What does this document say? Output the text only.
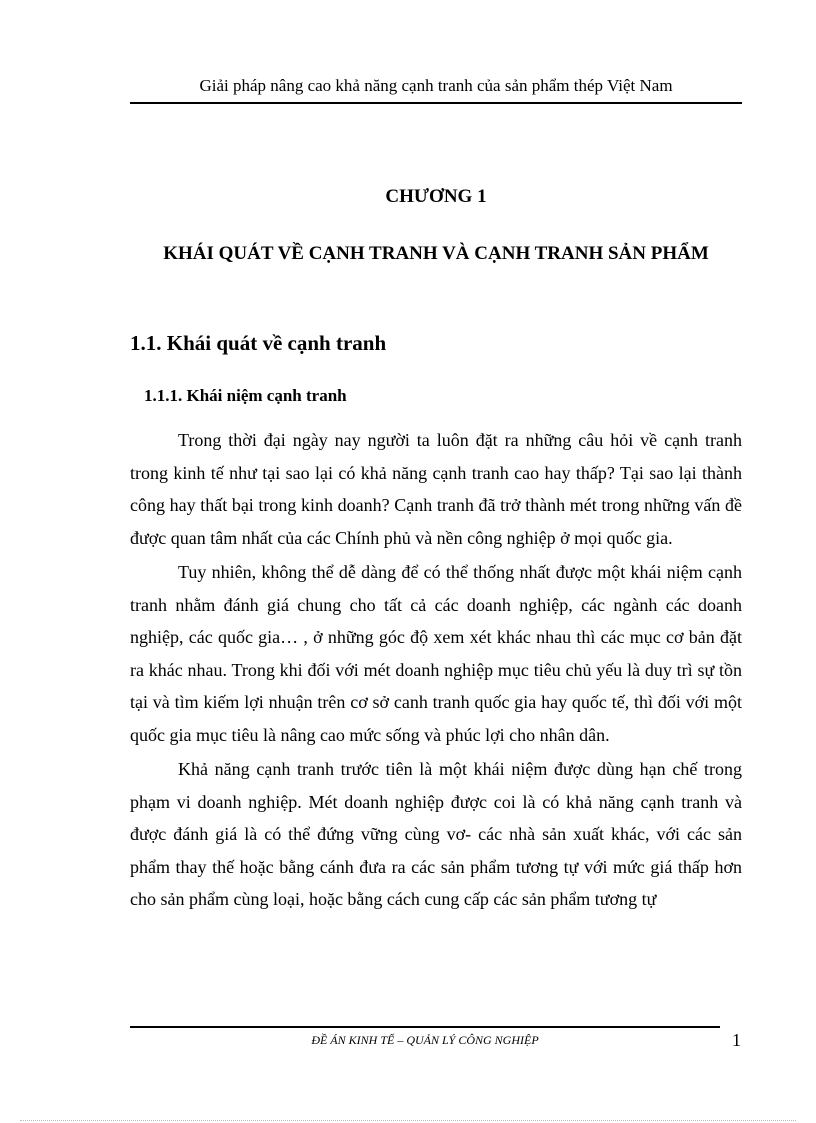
Giải pháp nâng cao khả năng cạnh tranh của sản phẩm thép Việt Nam
CHƯƠNG 1
KHÁI QUÁT VỀ CẠNH TRANH VÀ CẠNH TRANH SẢN PHẨM
1.1. Khái quát về cạnh tranh
1.1.1. Khái niệm cạnh tranh

Trong thời đại ngày nay người ta luôn đặt ra những câu hỏi về cạnh tranh trong kinh tế như tại sao lại có khả năng cạnh tranh cao hay thấp? Tại sao lại thành công hay thất bại trong kinh doanh? Cạnh tranh đã trở thành mét trong những vấn đề được quan tâm nhất của các Chính phủ và nền công nghiệp ở mọi quốc gia.

Tuy nhiên, không thể dễ dàng để có thể thống nhất được một khái niệm cạnh tranh nhằm đánh giá chung cho tất cả các doanh nghiệp, các ngành các doanh nghiệp, các quốc gia… , ở những góc độ xem xét khác nhau thì các mục cơ bản đặt ra khác nhau. Trong khi đối với mét doanh nghiệp mục tiêu chủ yếu là duy trì sự tồn tại và tìm kiếm lợi nhuận trên cơ sở canh tranh quốc gia hay quốc tế, thì đối với một quốc gia mục tiêu là nâng cao mức sống và phúc lợi cho nhân dân.

Khả năng cạnh tranh trước tiên là một khái niệm được dùng hạn chế trong phạm vi doanh nghiệp. Mét doanh nghiệp được coi là có khả năng cạnh tranh và được đánh giá là có thể đứng vững cùng vơ- các nhà sản xuất khác, với các sản phẩm thay thế hoặc bằng cánh đưa ra các sản phẩm tương tự với mức giá thấp hơn cho sản phẩm cùng loại, hoặc bằng cách cung cấp các sản phẩm tương tự

ĐỀ ÁN KINH TẾ – QUẢN LÝ CÔNG NGHIỆP	1
